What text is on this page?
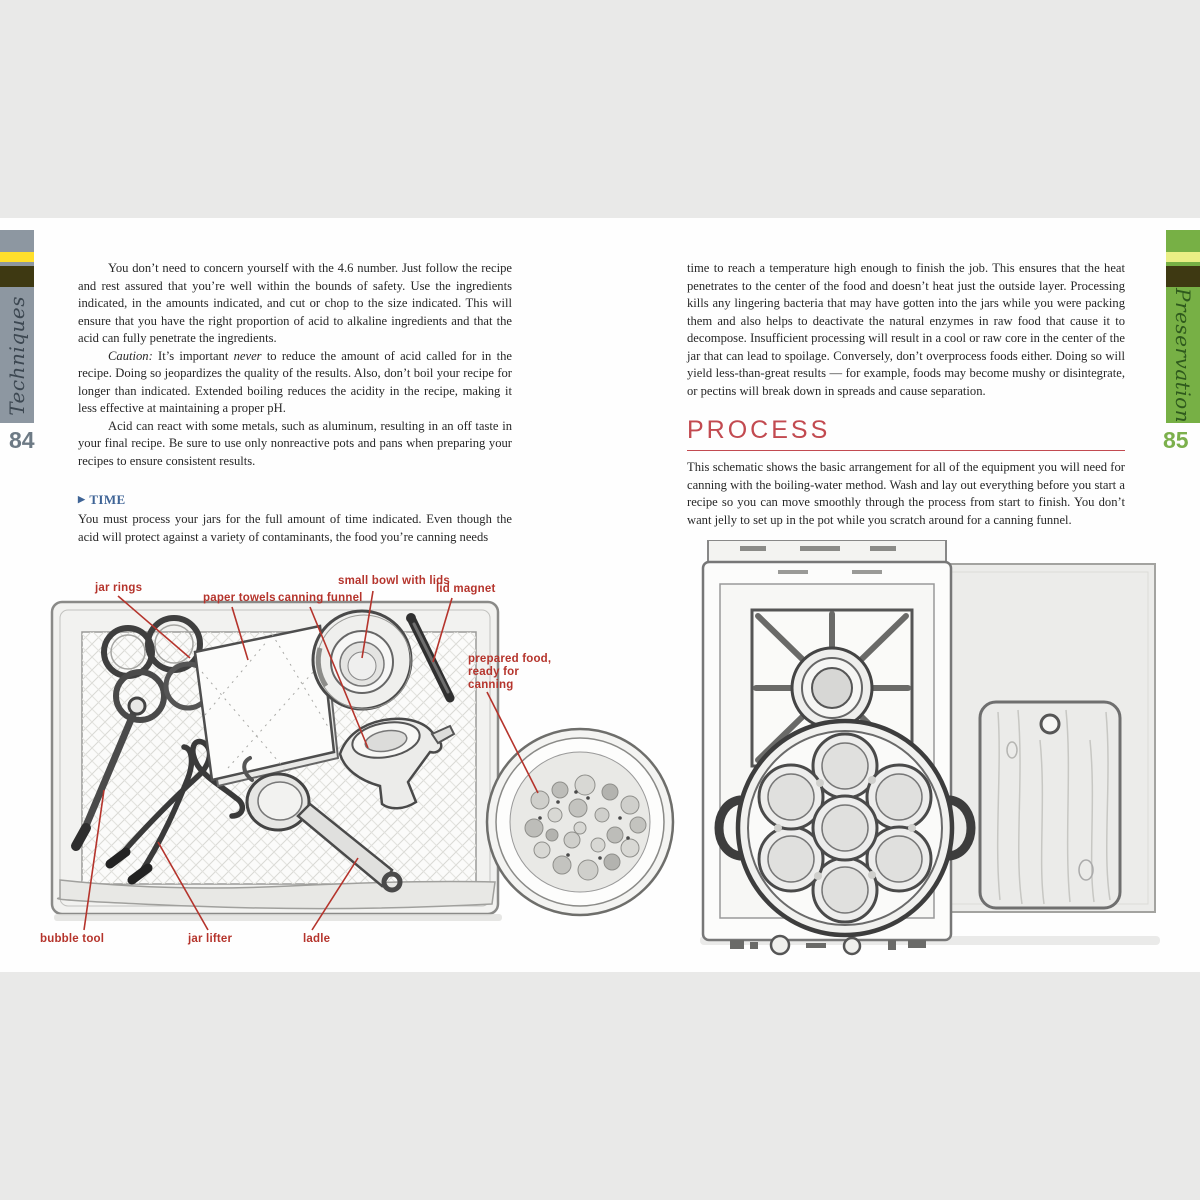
Techniques
84
Preservation
85

You don’t need to concern yourself with the 4.6 number. Just follow the recipe and rest assured that you’re well within the bounds of safety. Use the ingredients indicated, in the amounts indicated, and cut or chop to the size indicated. This will ensure that you have the right proportion of acid to alkaline ingredients and that the acid can fully penetrate the ingredients.

Caution: It’s important never to reduce the amount of acid called for in the recipe. Doing so jeopardizes the quality of the results. Also, don’t boil your recipe for longer than indicated. Extended boiling reduces the acidity in the recipe, making it less effective at maintaining a proper pH.

Acid can react with some metals, such as aluminum, resulting in an off taste in your final recipe. Be sure to use only nonreactive pots and pans when preparing your recipes to ensure consistent results.

▶ TIME

You must process your jars for the full amount of time indicated. Even though the acid will protect against a variety of contaminants, the food you’re canning needs

time to reach a temperature high enough to finish the job. This ensures that the heat penetrates to the center of the food and doesn’t heat just the outside layer. Processing kills any lingering bacteria that may have gotten into the jars while you were packing them and also helps to deactivate the natural enzymes in raw food that cause it to decompose. Insufficient processing will result in a cool or raw core in the center of the jar that can lead to spoilage. Conversely, don’t overprocess foods either. Doing so will yield less-than-great results — for example, foods may become mushy or disintegrate, or pectins will break down in spreads and cause separation.

PROCESS

This schematic shows the basic arrangement for all of the equipment you will need for canning with the boiling-water method. Wash and lay out everything before you start a recipe so you can move smoothly through the process from start to finish. You don’t want jelly to set up in the pot while you scratch around for a canning funnel.

jar rings
paper towels canning funnel
small bowl with lids
lid magnet
prepared food,
ready for
canning
bubble tool	jar lifter	ladle
